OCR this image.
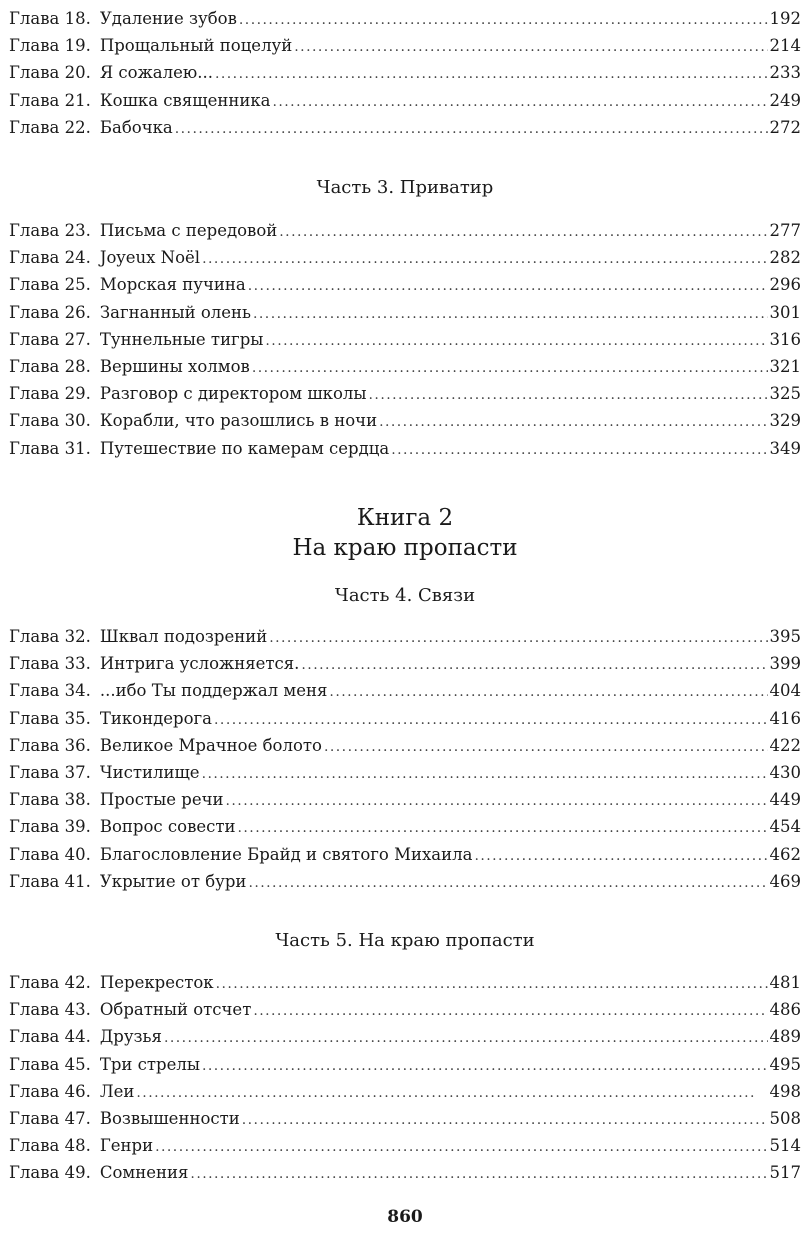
Глава 18. Удаление зубов . . .	192
Глава 19. Прощальный поцелуй . . .	214
Глава 20. Я сожалею... . . .	233
Глава 21. Кошка священника . . .	249
Глава 22. Бабочка . . .	272
Часть 3. Приватир
Глава 23. Письма с передовой . . .	277
Глава 24. Joyeux Noël . . .	282
Глава 25. Морская пучина . . .	296
Глава 26. Загнанный олень . . .	301
Глава 27. Туннельные тигры . . .	316
Глава 28. Вершины холмов . . .	321
Глава 29. Разговор с директором школы . . .	325
Глава 30. Корабли, что разошлись в ночи . . .	329
Глава 31. Путешествие по камерам сердца . . .	349
Книга 2
На краю пропасти
Часть 4. Связи
Глава 32. Шквал подозрений . . .	395
Глава 33. Интрига усложняется. . . .	399
Глава 34. ...ибо Ты поддержал меня . . .	404
Глава 35. Тикондерога . . .	416
Глава 36. Великое Мрачное болото . . .	422
Глава 37. Чистилище . . .	430
Глава 38. Простые речи . . .	449
Глава 39. Вопрос совести . . .	454
Глава 40. Благословление Брайд и святого Михаила . . .	462
Глава 41. Укрытие от бури . . .	469
Часть 5. На краю пропасти
Глава 42. Перекресток . . .	481
Глава 43. Обратный отсчет . . .	486
Глава 44. Друзья . . .	489
Глава 45. Три стрелы . . .	495
Глава 46. Леи . . .	498
Глава 47. Возвышенности . . .	508
Глава 48. Генри . . .	514
Глава 49. Сомнения . . .	517
860
